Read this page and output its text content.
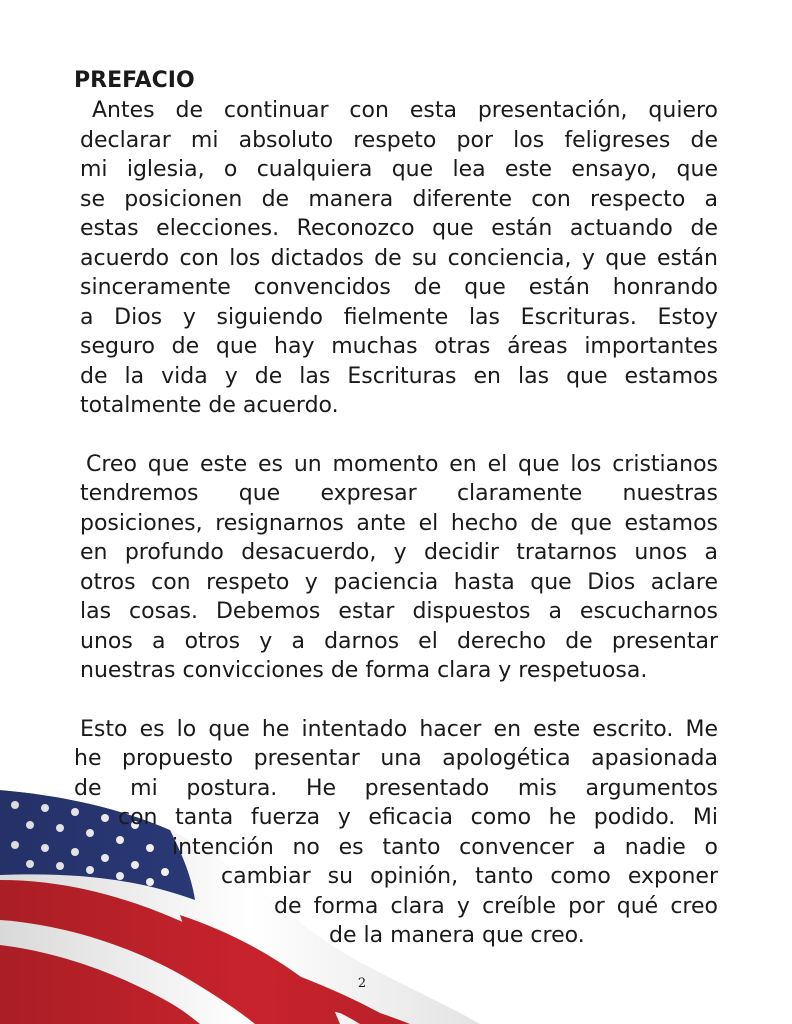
PREFACIO
Antes de continuar con esta presentación, quiero
declarar mi absoluto respeto por los feligreses de
mi iglesia, o cualquiera que lea este ensayo, que
se posicionen de manera diferente con respecto a
estas elecciones. Reconozco que están actuando de
acuerdo con los dictados de su conciencia, y que están
sinceramente convencidos de que están honrando
a Dios y siguiendo fielmente las Escrituras. Estoy
seguro de que hay muchas otras áreas importantes
de la vida y de las Escrituras en las que estamos
totalmente de acuerdo.
Creo que este es un momento en el que los cristianos
tendremos que expresar claramente nuestras
posiciones, resignarnos ante el hecho de que estamos
en profundo desacuerdo, y decidir tratarnos unos a
otros con respeto y paciencia hasta que Dios aclare
las cosas. Debemos estar dispuestos a escucharnos
unos a otros y a darnos el derecho de presentar
nuestras convicciones de forma clara y respetuosa.
Esto es lo que he intentado hacer en este escrito. Me
he propuesto presentar una apologética apasionada
de mi postura. He presentado mis argumentos
con tanta fuerza y eficacia como he podido. Mi
intención no es tanto convencer a nadie o
cambiar su opinión, tanto como exponer
de forma clara y creíble por qué creo
de la manera que creo.
2
